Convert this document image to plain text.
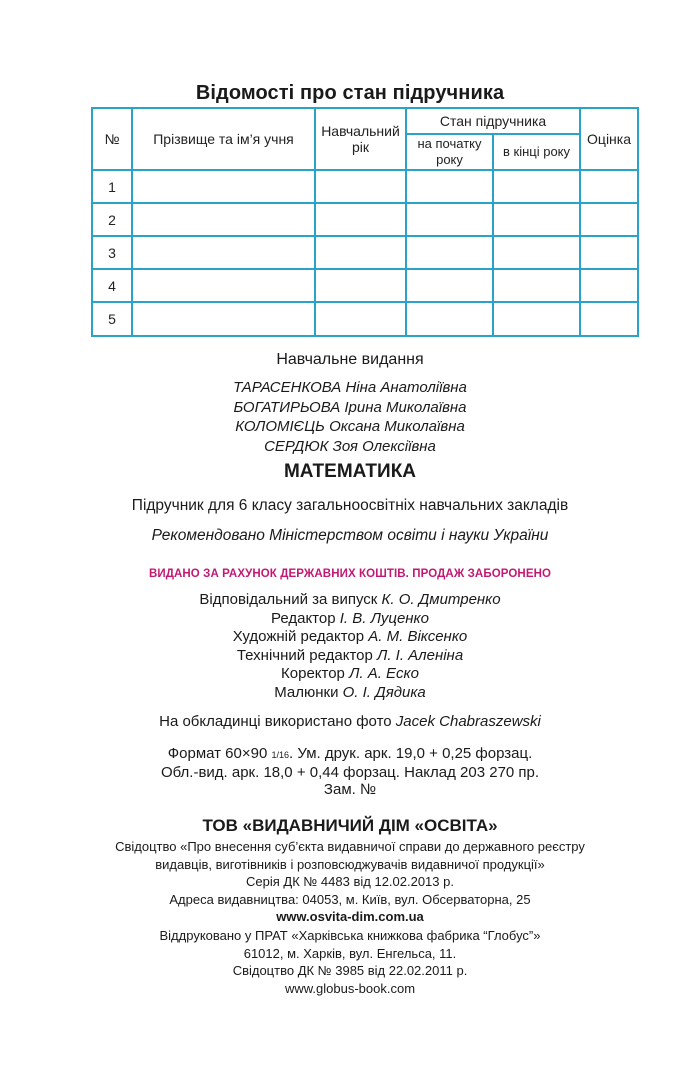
Відомості про стан підручника
№	Прізвище та ім’я учня	Навчальний рік	Стан підручника		Оцінка
			на початку року	в кінці року	
1					
2					
3					
4					
5					
Навчальне видання
ТАРАСЕНКОВА Ніна Анатоліївна
БОГАТИРЬОВА Ірина Миколаївна
КОЛОМІЄЦЬ Оксана Миколаївна
СЕРДЮК Зоя Олексіївна
МАТЕМАТИКА
Підручник для 6 класу загальноосвітніх навчальних закладів
Рекомендовано Міністерством освіти і науки України
ВИДАНО ЗА РАХУНОК ДЕРЖАВНИХ КОШТІВ. ПРОДАЖ ЗАБОРОНЕНО
Відповідальний за випуск К. О. Дмитренко
Редактор І. В. Луценко
Художній редактор А. М. Віксенко
Технічний редактор Л. І. Аленіна
Коректор Л. А. Еско
Малюнки О. І. Дядика
На обкладинці використано фото Jacek Chabraszewski
Формат 60×90 1/16. Ум. друк. арк. 19,0 + 0,25 форзац.
Обл.-вид. арк. 18,0 + 0,44 форзац. Наклад 203 270 пр.
Зам. №
ТОВ «ВИДАВНИЧИЙ ДІМ «ОСВІТА»
Свідоцтво «Про внесення суб’єкта видавничої справи до державного реєстру
видавців, виготівників і розповсюджувачів видавничої продукції»
Серія ДК № 4483 від 12.02.2013 р.
Адреса видавництва: 04053, м. Київ, вул. Обсерваторна, 25
www.osvita-dim.com.ua
Віддруковано у ПРАТ «Харківська книжкова фабрика “Глобус”»
61012, м. Харків, вул. Енгельса, 11.
Свідоцтво ДК № 3985 від 22.02.2011 р.
www.globus-book.com
